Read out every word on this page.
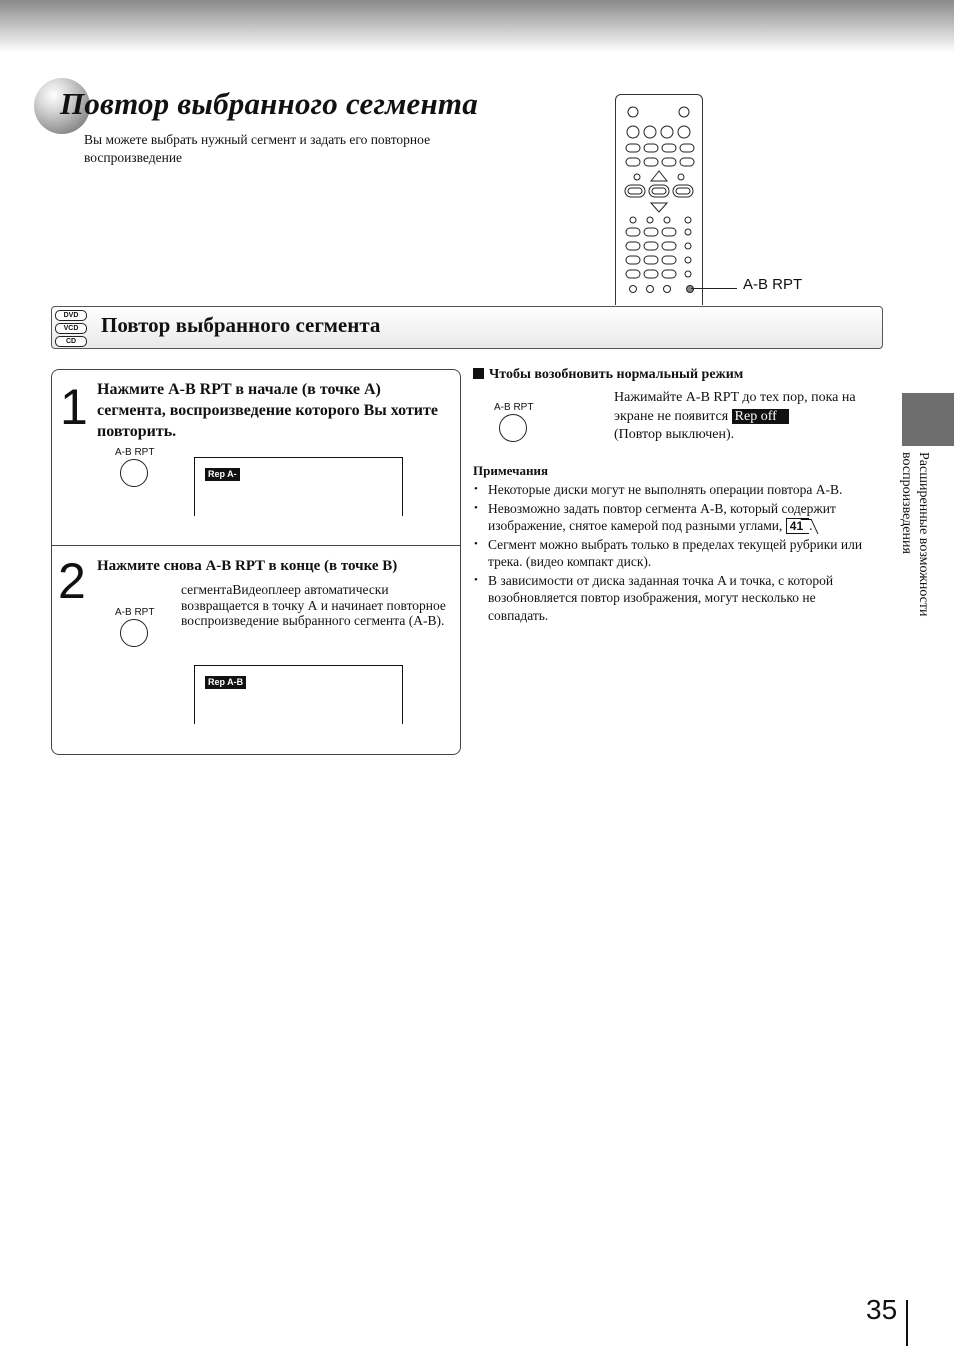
Повтор выбранного сегмента
Вы можете выбрать нужный сегмент и задать его повторное воспроизведение
A-B RPT
DVD
VCD
CD
Повтор выбранного сегмента
1 Нажмите A-B RPT в начале (в точке A) сегмента, воспроизведение которого Вы хотите повторить.
A-B RPT
Rep A-
2 Нажмите снова A-B RPT в конце (в точке B)
сегментаВидеоплеер автоматически возвращается в точку А и начинает повторное воспроизведение выбранного сегмента (А-В).
A-B RPT
Rep A-B
Чтобы возобновить нормальный режим
A-B RPT
Нажимайте A-B RPT до тех пор, пока на экране не появится Rep off
(Повтор выключен).
Примечания
• Некоторые диски могут не выполнять операции повтора А-В.
• Невозможно задать повтор сегмента А-В, который содержит изображение, снятое камерой под разными углами, 41 .
• Сегмент можно выбрать только в пределах текущей рубрики или трека. (видео компакт диск).
• В зависимости от диска заданная точка A и точка, с которой возобновляется повтор изображения, могут несколько не совпадать.	Расширенные возможности воспроизведения
35
